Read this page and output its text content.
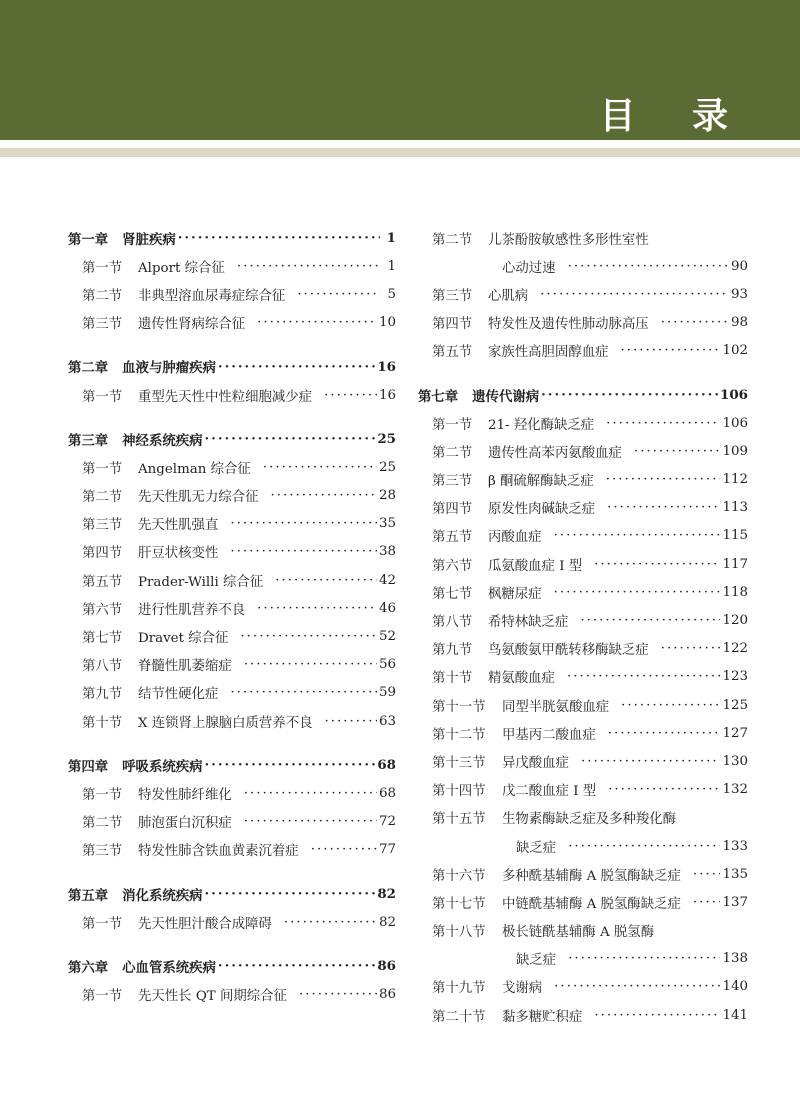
目 录
第一章 肾脏疾病 ·····	1
第一节	Alport 综合征 ·····	1
第二节	非典型溶血尿毒症综合征 ·····	5
第三节	遗传性肾病综合征 ·····	10
第二章 血液与肿瘤疾病 ·····	16
第一节	重型先天性中性粒细胞减少症 ·····	16
第三章 神经系统疾病 ·····	25
第一节	Angelman 综合征 ·····	25
第二节	先天性肌无力综合征 ·····	28
第三节	先天性肌强直 ·····	35
第四节	肝豆状核变性 ·····	38
第五节	Prader-Willi 综合征 ·····	42
第六节	进行性肌营养不良 ·····	46
第七节	Dravet 综合征 ·····	52
第八节	脊髓性肌萎缩症 ·····	56
第九节	结节性硬化症 ·····	59
第十节	X 连锁肾上腺脑白质营养不良 ·····	63
第四章 呼吸系统疾病 ·····	68
第一节	特发性肺纤维化 ·····	68
第二节	肺泡蛋白沉积症 ·····	72
第三节	特发性肺含铁血黄素沉着症 ·····	77
第五章 消化系统疾病 ·····	82
第一节	先天性胆汁酸合成障碍 ·····	82
第六章 心血管系统疾病 ·····	86
第一节	先天性长 QT 间期综合征 ·····	86
第二节	儿茶酚胺敏感性多形性室性
心动过速 ·····	90
第三节	心肌病 ·····	93
第四节	特发性及遗传性肺动脉高压 ·····	98
第五节	家族性高胆固醇血症 ·····	102
第七章 遗传代谢病 ·····	106
第一节	21- 羟化酶缺乏症 ·····	106
第二节	遗传性高苯丙氨酸血症 ·····	109
第三节	β 酮硫解酶缺乏症 ·····	112
第四节	原发性肉碱缺乏症 ·····	113
第五节	丙酸血症 ·····	115
第六节	瓜氨酸血症 I 型 ·····	117
第七节	枫糖尿症 ·····	118
第八节	希特林缺乏症 ·····	120
第九节	鸟氨酸氨甲酰转移酶缺乏症 ·····	122
第十节	精氨酸血症 ·····	123
第十一节	同型半胱氨酸血症 ·····	125
第十二节	甲基丙二酸血症 ·····	127
第十三节	异戊酸血症 ·····	130
第十四节	戊二酸血症 I 型 ·····	132
第十五节	生物素酶缺乏症及多种羧化酶
缺乏症 ·····	133
第十六节	多种酰基辅酶 A 脱氢酶缺乏症 ·····	135
第十七节	中链酰基辅酶 A 脱氢酶缺乏症 ·····	137
第十八节	极长链酰基辅酶 A 脱氢酶
缺乏症 ·····	138
第十九节	戈谢病 ·····	140
第二十节	黏多糖贮积症 ·····	141
